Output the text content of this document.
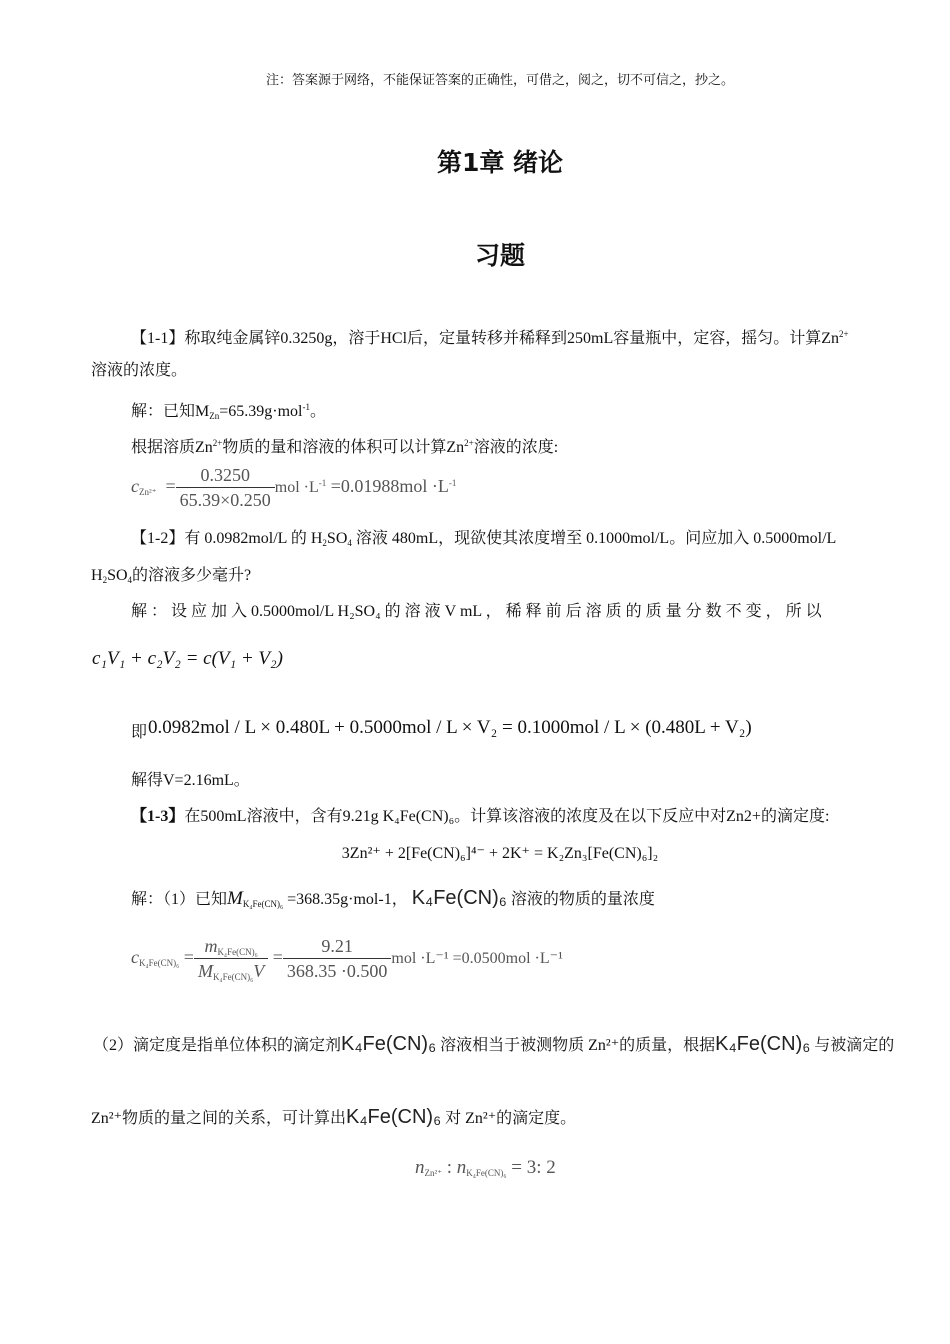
注：答案源于网络，不能保证答案的正确性，可借之，阅之，切不可信之，抄之。
第1章 绪论
习题
【1-1】称取纯金属锌0.3250g，溶于HCl后，定量转移并稀释到250mL容量瓶中，定容，摇匀。计算$Zn^{2+}$
溶液的浓度。
解：已知$M_{Zn}=65.39g\cdot mol^{-1}$。
根据溶质$Zn^{2+}$物质的量和溶液的体积可以计算$Zn^{2+}$溶液的浓度:
$c_{Zn^{2+}} = \frac{0.3250}{65.39\times 0.250}$ mol $\cdot L^{-1} =0.01988mol \cdot L^{-1}$
【1-2】有 0.0982mol/L 的 $H_2SO_4$ 溶液 480mL，现欲使其浓度增至 0.1000mol/L。问应加入 0.5000mol/L
$H_2SO_4$的溶液多少毫升?
解 ： 设 应 加 入 0.5000mol/L H₂SO₄ 的 溶 液 V mL ， 稀 释 前 后 溶 质 的 质 量 分 数 不 变 ， 所 以
c₁V₁ + c₂V₂ = c(V₁ + V₂)
即 0.0982mol / L × 0.480L + 0.5000mol / L × V₂ = 0.1000mol / L × (0.480L + V₂)
解得V=2.16mL。
【1-3】在500mL溶液中，含有9.21g K₄Fe(CN)₆。计算该溶液的浓度及在以下反应中对Zn2+的滴定度:
3Zn²⁺ + 2[Fe(CN)₆]⁴⁻ + 2K⁺ = K₂Zn₃[Fe(CN)₆]₂
解：（1）已知$M_{K_4Fe(CN)_6} =368.35g\cdot mol-1$， K₄Fe(CN)₆ 溶液的物质的量浓度
$c_{K_4Fe(CN)_6} = \frac{m_{K_4Fe(CN)_6}}{M_{K_4Fe(CN)_6}V} = \frac{9.21}{368.35 \cdot 0.500}$ mol ·L⁻¹ =0.0500mol ·L⁻¹
（2）滴定度是指单位体积的滴定剂K₄Fe(CN)₆ 溶液相当于被测物质 Zn²⁺的质量，根据K₄Fe(CN)₆ 与被滴定的
Zn²⁺物质的量之间的关系，可计算出K₄Fe(CN)₆ 对 Zn²⁺的滴定度。
$n_{Zn^{2+}}$ : $n_{K_4Fe(CN)_6} = 3$: 2
